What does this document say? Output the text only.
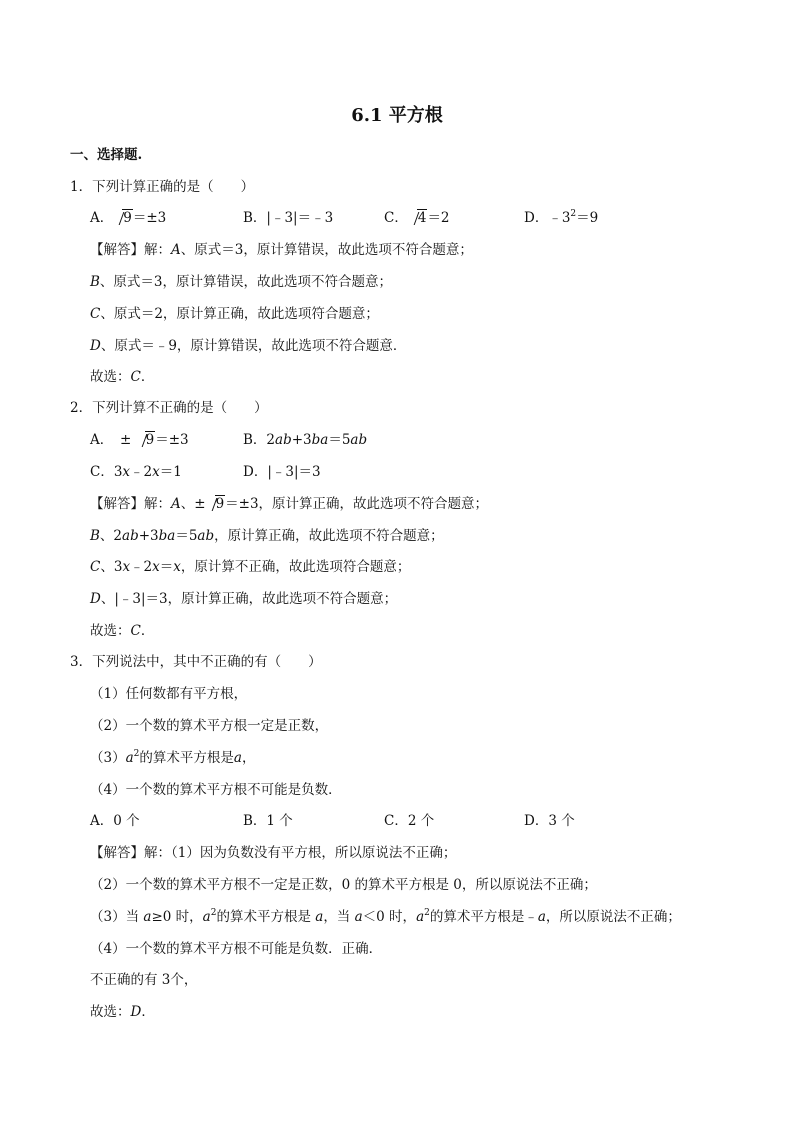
6.1 平方根
一、选择题.
1．下列计算正确的是（　　）
A． 9＝±3	B．|﹣3|＝﹣3	C． 4＝2	D．$﹣3^2=9$
【解答】解：A、原式＝3，原计算错误，故此选项不符合题意；
B、原式＝3，原计算错误，故此选项不符合题意；
C、原式＝2，原计算正确，故此选项符合题意；
D、原式＝﹣9，原计算错误，故此选项不符合题意．
故选：C．
2．下列计算不正确的是（　　）
A．　± 9＝±3	B．2ab+3ba＝5ab
C．3x﹣2x＝1	D．|﹣3|＝3
【解答】解：A、± 9＝±3，原计算正确，故此选项不符合题意；
B、2ab+3ba＝5ab，原计算正确，故此选项不符合题意；
C、3x﹣2x＝x，原计算不正确，故此选项符合题意；
D、|﹣3|＝3，原计算正确，故此选项不符合题意；
故选：C．
3．下列说法中，其中不正确的有（　　）
（1）任何数都有平方根，
（2）一个数的算术平方根一定是正数，
$(3)a^2$的算术平方根是a，
（4）一个数的算术平方根不可能是负数．
A．0 个	B．1 个	C．2 个	D．3 个
【解答】解：（1）因为负数没有平方根，所以原说法不正确；
（2）一个数的算术平方根不一定是正数，0 的算术平方根是 0，所以原说法不正确；
（3）当 a≥0 时，$a^2$的算术平方根是 a，当 a＜0 时，$a^2$的算术平方根是﹣a，所以原说法不正确；
（4）一个数的算术平方根不可能是负数．正确．
不正确的有 3个，
故选：D．
